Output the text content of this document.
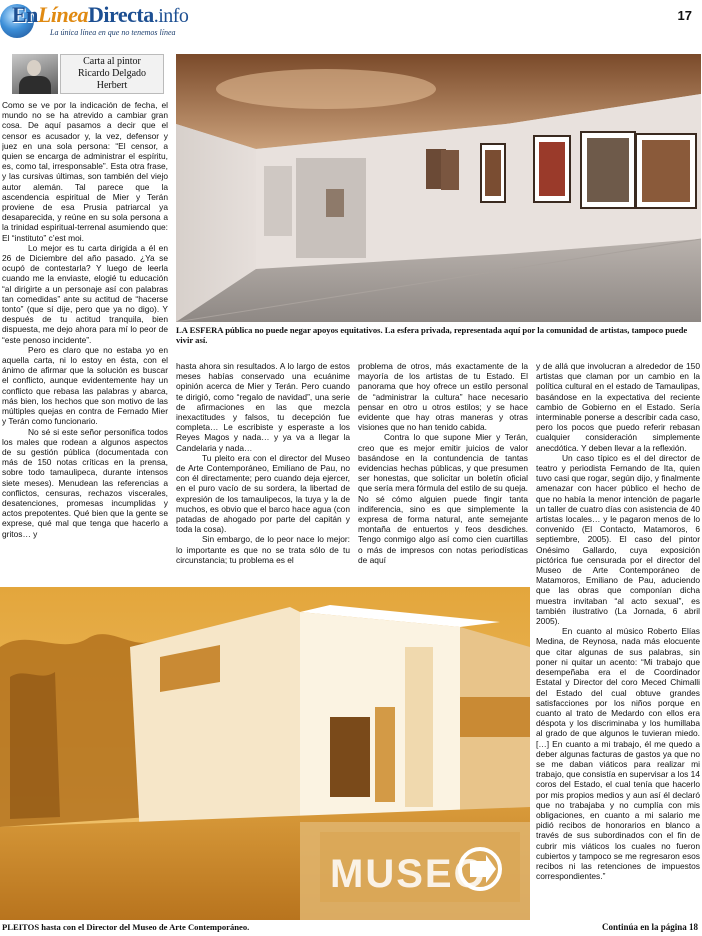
EnLíneaDirecta.info
La única línea en que no tenemos línea
17
Carta al pintor
Ricardo Delgado
Herbert

Como se ve por la indicación de fecha, el mundo no se ha atrevido a cambiar gran cosa. De aquí pasamos a decir que el censor es acusador y, la vez, defensor y juez en una sola persona: “El censor, a quien se encarga de administrar el espíritu, es, como tal, irresponsable”. Esta otra frase, y las cursivas últimas, son también del viejo autor alemán. Tal parece que la ascendencia espiritual de Mier y Terán proviene de esa Prusia patriarcal ya desaparecida, y reúne en su sola persona a la trinidad espiritual-terrenal asumiendo que: El “instituto” c’est moi.

Lo mejor es tu carta dirigida a él en 26 de Diciembre del año pasado. ¿Ya se ocupó de contestarla? Y luego de leerla cuando me la enviaste, elogié tu educación “al dirigirte a un personaje así con palabras tan comedidas” ante su actitud de “hacerse tonto” (que sí dije, pero que ya no digo). Y después de tu actitud tranquila, bien dispuesta, me dejo ahora para mí lo peor de “este penoso incidente”.

Pero es claro que no estaba yo en aquella carta, ni lo estoy en ésta, con el ánimo de afirmar que la solución es buscar el conflicto, aunque evidentemente hay un conflicto que rebasa las palabras y abarca, más bien, los hechos que son motivo de las múltiples quejas en contra de Fernado Mier y Terán como funcionario.

No sé si este señor personifica todos los males que rodean a algunos aspectos de su gestión pública (documentada con más de 150 notas críticas en la prensa, sobre todo tamaulipeca, durante intensos siete meses). Menudean las referencias a conflictos, censuras, rechazos viscerales, desatenciones, promesas incumplidas y actos prepotentes. Qué bien que la gente se exprese, qué mal que tenga que hacerlo a gritos… y

LA ESFERA pública no puede negar apoyos equitativos. La esfera privada, representada aquí por la comunidad de artistas, tampoco puede vivir así.

hasta ahora sin resultados. A lo largo de estos meses habías conservado una ecuánime opinión acerca de Mier y Terán. Pero cuando te dirigió, como “regalo de navidad”, una serie de afirmaciones en las que mezcla inexactitudes y falsos, tu decepción fue completa… Le escribiste y esperaste a los Reyes Magos y nada… y ya va a llegar la Candelaria y nada…

Tu pleito era con el director del Museo de Arte Contemporáneo, Emiliano de Pau, no con él directamente; pero cuando deja ejercer, en el puro vacío de su sordera, la libertad de expresión de los tamaulipecos, la tuya y la de muchos, es obvio que el barco hace agua (con patadas de ahogado por parte del capitán y toda la cosa).

Sin embargo, de lo peor nace lo mejor: lo importante es que no se trata sólo de tu circunstancia; tu problema es el

problema de otros, más exactamente de la mayoría de los artistas de tu Estado. El panorama que hoy ofrece un estilo personal de “administrar la cultura” hace necesario pensar en otro u otros estilos; y se hace evidente que hay otras maneras y otras visiones que no han tenido cabida.

Contra lo que supone Mier y Terán, creo que es mejor emitir juicios de valor basándose en la contundencia de tantas evidencias hechas públicas, y que presumen ser honestas, que solicitar un boletín oficial que sería mera fórmula del estilo de su queja. No sé cómo alguien puede fingir tanta indiferencia, sino es que simplemente la expresa de forma natural, ante semejante montaña de entuertos y feos desdiches. Tengo conmigo algo así como cien cuartillas o más de impresos con notas periodísticas de aquí

y de allá que involucran a alrededor de 150 artistas que claman por un cambio en la política cultural en el estado de Tamaulipas, basándose en la expectativa del reciente cambio de Gobierno en el Estado. Sería interminable ponerse a describir cada caso, pero los pocos que puedo referir rebasan cualquier consideración simplemente anecdótica. Y deben llevar a la reflexión.

Un caso típico es el del director de teatro y periodista Fernando de Ita, quien tuvo casi que rogar, según dijo, y finalmente amenazar con hacer público el hecho de que no había la menor intención de pagarle un taller de cuatro días con asistencia de 40 artistas locales… y le pagaron menos de lo convenido (El Contacto, Matamoros, 6 septiembre, 2005). El caso del pintor Onésimo Gallardo, cuya exposición pictórica fue censurada por el director del Museo de Arte Contemporáneo de Matamoros, Emiliano de Pau, aduciendo que las obras que componían dicha muestra invitaban “al acto sexual”, es también ilustrativo (La Jornada, 6 abril 2005).

En cuanto al músico Roberto Elías Medina, de Reynosa, nada más elocuente que citar algunas de sus palabras, sin poner ni quitar un acento: “Mi trabajo que desempeñaba era el de Coordinador Estatal y Director del coro Meced Chimalli del Estado del cual obtuve grandes satisfacciones por los niños porque en cuanto al trato de Medardo con ellos era déspota y los discriminaba y los humillaba al grado de que algunos le tuvieran miedo. […] En cuanto a mi trabajo, él me quedo a deber algunas facturas de gastos ya que no se me daban viáticos para realizar mi trabajo, que consistía en supervisar a los 14 coros del Estado, el cual tenía que hacerlo por mis propios medios y aun así él declaró que no trabajaba y no cumplía con mis obligaciones, en cuanto a mi salario me pidió recibos de honorarios en blanco a través de sus subordinados con el fin de cubrir mis viáticos los cuales no fueron cubiertos y tampoco se me regresaron esos recibos ni las retenciones de impuestos correspondientes.”

MUSEO
PLEITOS hasta con el Director del Museo de Arte Contemporáneo.	Continúa en la página 18
